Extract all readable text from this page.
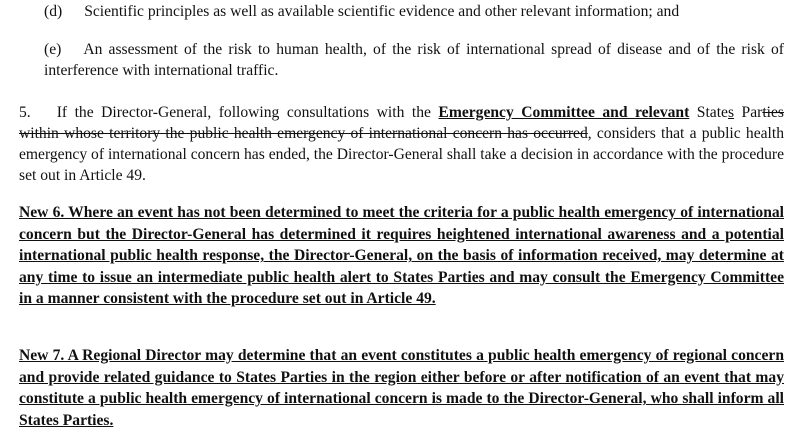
(d) Scientific principles as well as available scientific evidence and other relevant information; and

(e) An assessment of the risk to human health, of the risk of international spread of disease and of the risk of interference with international traffic.

5. If the Director-General, following consultations with the Emergency Committee and relevant States Parties within whose territory the public health emergency of international concern has occurred, considers that a public health emergency of international concern has ended, the Director-General shall take a decision in accordance with the procedure set out in Article 49.

New 6. Where an event has not been determined to meet the criteria for a public health emergency of international concern but the Director-General has determined it requires heightened international awareness and a potential international public health response, the Director-General, on the basis of information received, may determine at any time to issue an intermediate public health alert to States Parties and may consult the Emergency Committee in a manner consistent with the procedure set out in Article 49.

New 7. A Regional Director may determine that an event constitutes a public health emergency of regional concern and provide related guidance to States Parties in the region either before or after notification of an event that may constitute a public health emergency of international concern is made to the Director-General, who shall inform all States Parties.
